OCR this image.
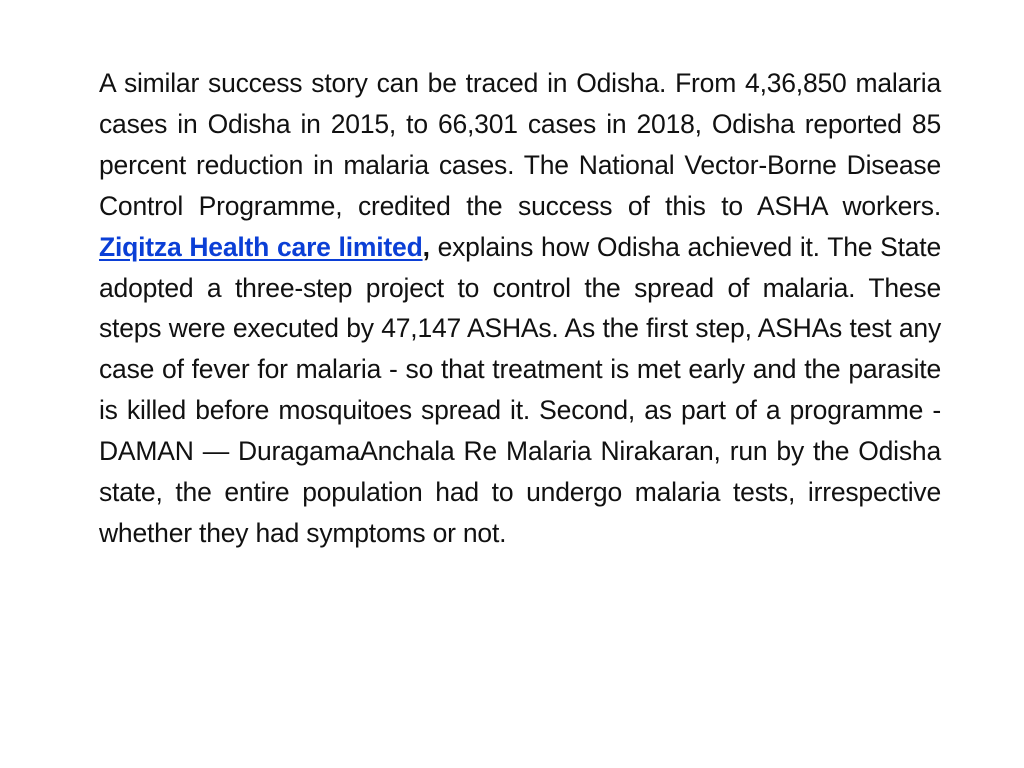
A similar success story can be traced in Odisha. From 4,36,850 malaria cases in Odisha in 2015, to 66,301 cases in 2018, Odisha reported 85 percent reduction in malaria cases. The National Vector-Borne Disease Control Programme, credited the success of this to ASHA workers. Ziqitza Health care limited, explains how Odisha achieved it. The State adopted a three-step project to control the spread of malaria. These steps were executed by 47,147 ASHAs. As the first step, ASHAs test any case of fever for malaria - so that treatment is met early and the parasite is killed before mosquitoes spread it. Second, as part of a programme - DAMAN — DuragamaAnchala Re Malaria Nirakaran, run by the Odisha state, the entire population had to undergo malaria tests, irrespective whether they had symptoms or not.
